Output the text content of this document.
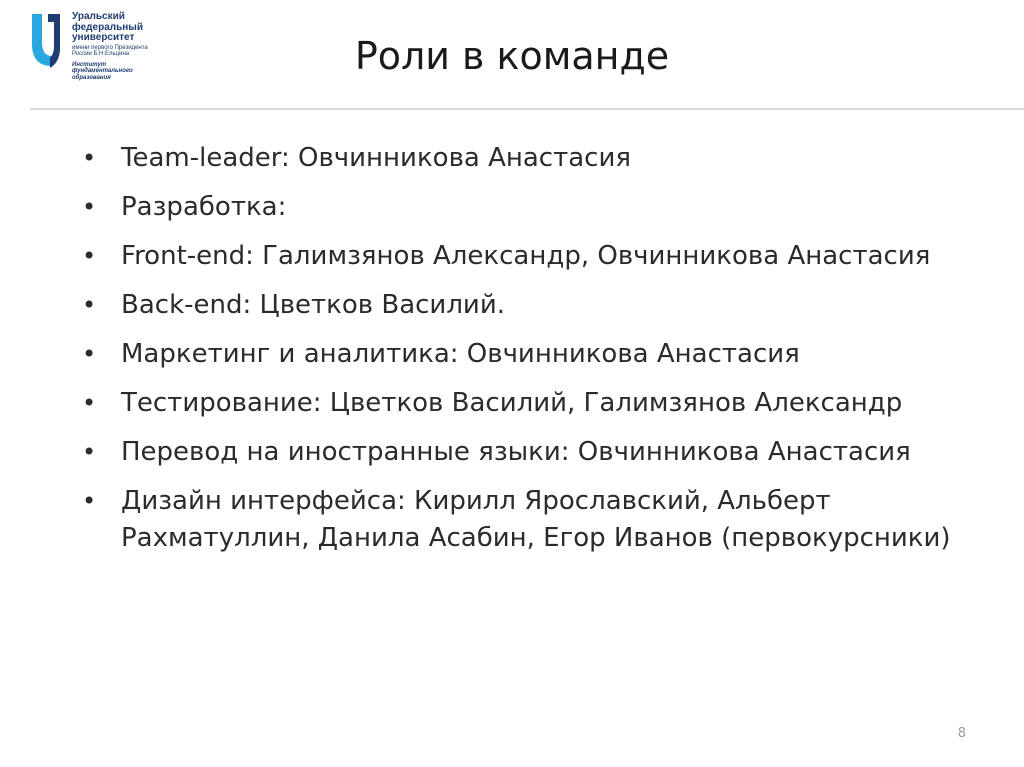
Уральский федеральный университет
имени первого Президента России Б.Н.Ельцина
Институт фундаментального образования	Роли в команде
• Team-leader: Овчинникова Анастасия
• Разработка:
• Front-end: Галимзянов Александр, Овчинникова Анастасия
• Back-end: Цветков Василий.
• Маркетинг и аналитика: Овчинникова Анастасия
• Тестирование: Цветков Василий, Галимзянов Александр
• Перевод на иностранные языки: Овчинникова Анастасия
• Дизайн интерфейса: Кирилл Ярославский, Альберт Рахматуллин, Данила Асабин, Егор Иванов (первокурсники)
8
